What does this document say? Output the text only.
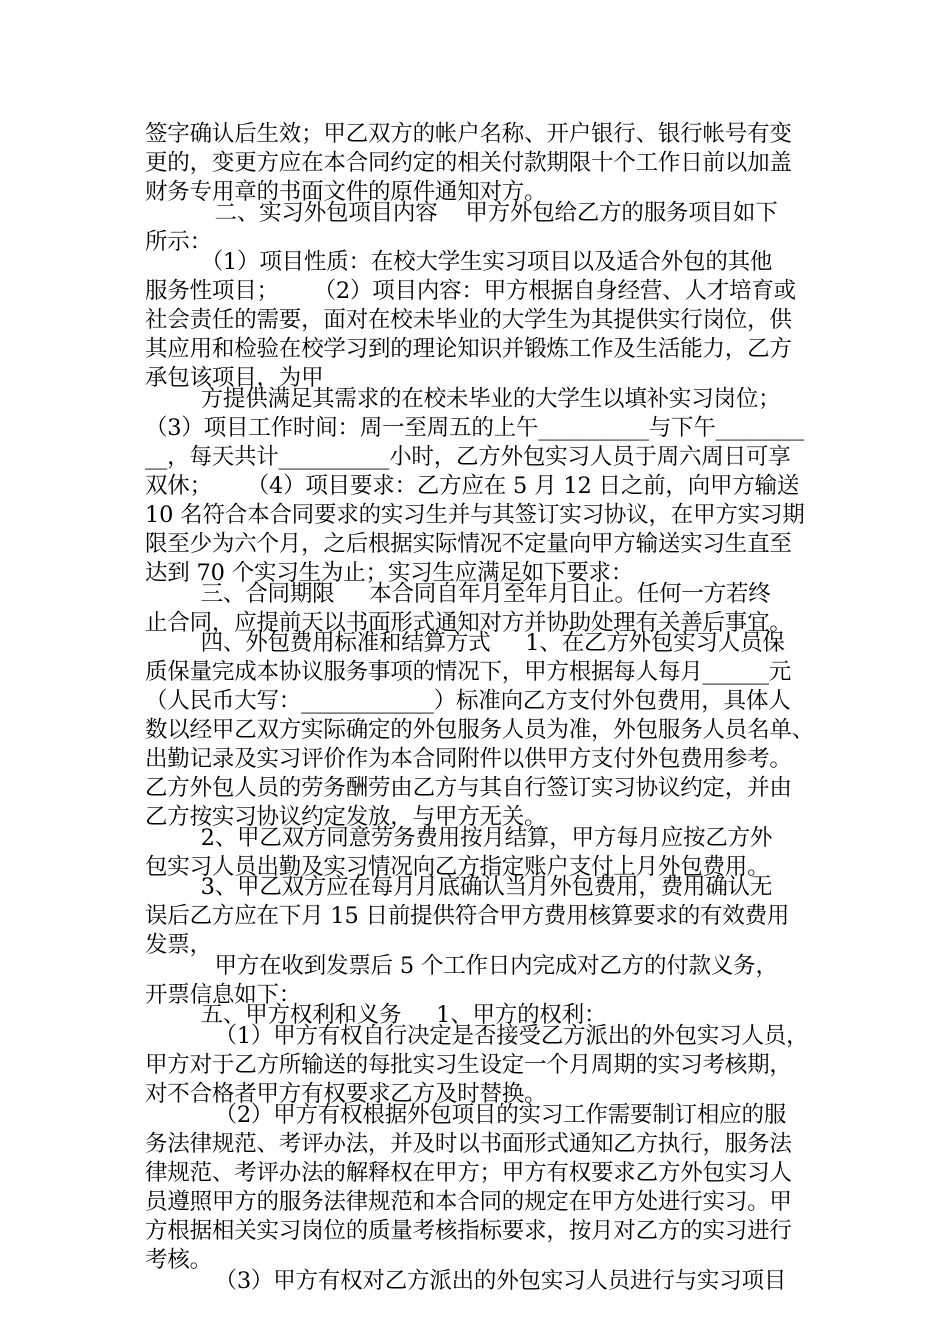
签字确认后生效；甲乙双方的帐户名称、开户银行、银行帐号有变
更的，变更方应在本合同约定的相关付款期限十个工作日前以加盖
财务专用章的书面文件的原件通知对方。
二、实习外包项目内容    甲方外包给乙方的服务项目如下
所示：
（1）项目性质：在校大学生实习项目以及适合外包的其他
服务性项目；     （2）项目内容：甲方根据自身经营、人才培育或
社会责任的需要，面对在校未毕业的大学生为其提供实行岗位，供
其应用和检验在校学习到的理论知识并锻炼工作及生活能力，乙方
承包该项目，为甲
方提供满足其需求的在校未毕业的大学生以填补实习岗位；
（3）项目工作时间：周一至周五的上午__________与下午________
__，每天共计__________小时，乙方外包实习人员于周六周日可享
双休；     （4）项目要求：乙方应在 5 月 12 日之前，向甲方输送
10 名符合本合同要求的实习生并与其签订实习协议，在甲方实习期
限至少为六个月，之后根据实际情况不定量向甲方输送实习生直至
达到 70 个实习生为止；实习生应满足如下要求：
三、合同期限     本合同自年月至年月日止。任何一方若终
止合同，应提前天以书面形式通知对方并协助处理有关善后事宜。
四、外包费用标准和结算方式     1、在乙方外包实习人员保
质保量完成本协议服务事项的情况下，甲方根据每人每月______元
（人民币大写：____________）标准向乙方支付外包费用，具体人
数以经甲乙双方实际确定的外包服务人员为准，外包服务人员名单、
出勤记录及实习评价作为本合同附件以供甲方支付外包费用参考。
乙方外包人员的劳务酬劳由乙方与其自行签订实习协议约定，并由
乙方按实习协议约定发放，与甲方无关。
2、甲乙双方同意劳务费用按月结算，甲方每月应按乙方外
包实习人员出勤及实习情况向乙方指定账户支付上月外包费用。
3、甲乙双方应在每月月底确认当月外包费用，费用确认无
误后乙方应在下月 15 日前提供符合甲方费用核算要求的有效费用
发票，
甲方在收到发票后 5 个工作日内完成对乙方的付款义务，
开票信息如下：
五、甲方权利和义务     1、甲方的权利：
（1）甲方有权自行决定是否接受乙方派出的外包实习人员，
甲方对于乙方所输送的每批实习生设定一个月周期的实习考核期，
对不合格者甲方有权要求乙方及时替换。
（2）甲方有权根据外包项目的实习工作需要制订相应的服
务法律规范、考评办法，并及时以书面形式通知乙方执行，服务法
律规范、考评办法的解释权在甲方；甲方有权要求乙方外包实习人
员遵照甲方的服务法律规范和本合同的规定在甲方处进行实习。甲
方根据相关实习岗位的质量考核指标要求，按月对乙方的实习进行
考核。
（3）甲方有权对乙方派出的外包实习人员进行与实习项目
